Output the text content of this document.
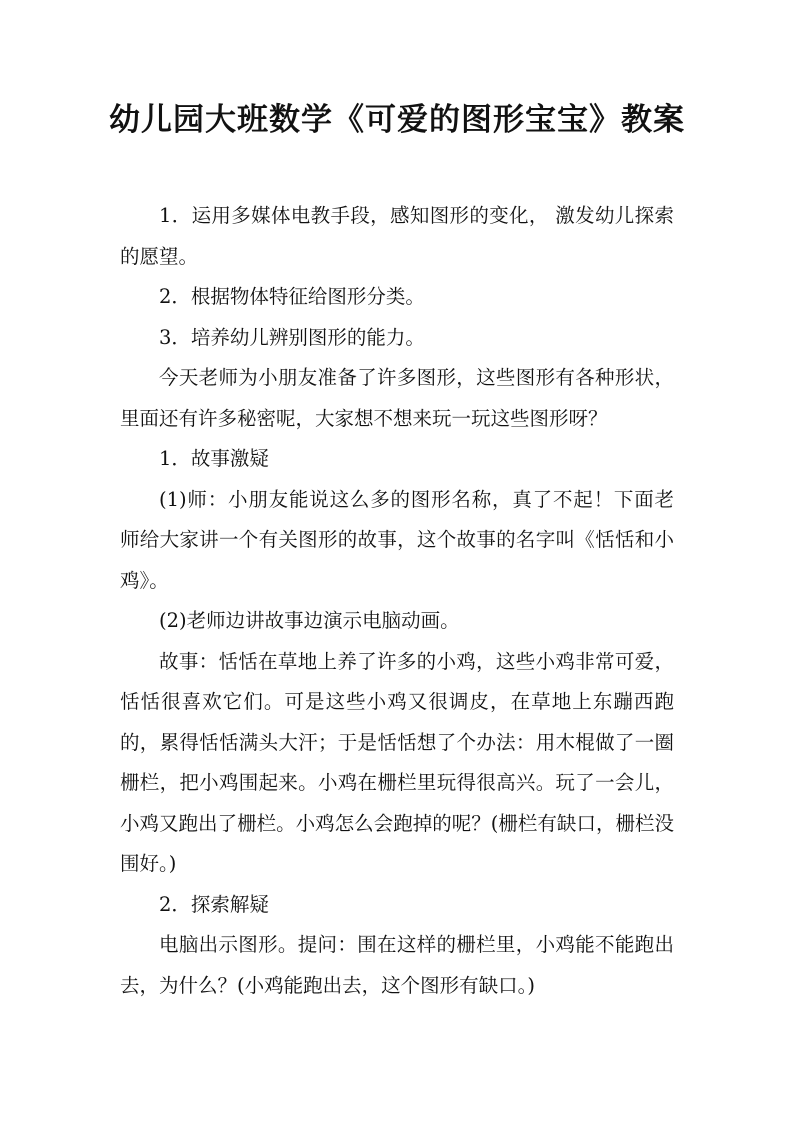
幼儿园大班数学《可爱的图形宝宝》教案

1．运用多媒体电教手段，感知图形的变化， 激发幼儿探索的愿望。

2．根据物体特征给图形分类。

3．培养幼儿辨别图形的能力。

今天老师为小朋友准备了许多图形，这些图形有各种形状，里面还有许多秘密呢，大家想不想来玩一玩这些图形呀？

1．故事激疑

(1)师：小朋友能说这么多的图形名称，真了不起！下面老师给大家讲一个有关图形的故事，这个故事的名字叫《恬恬和小鸡》。

(2)老师边讲故事边演示电脑动画。

故事：恬恬在草地上养了许多的小鸡，这些小鸡非常可爱，恬恬很喜欢它们。可是这些小鸡又很调皮，在草地上东蹦西跑的，累得恬恬满头大汗；于是恬恬想了个办法：用木棍做了一圈栅栏，把小鸡围起来。小鸡在栅栏里玩得很高兴。玩了一会儿，小鸡又跑出了栅栏。小鸡怎么会跑掉的呢？(栅栏有缺口，栅栏没围好。)

2．探索解疑

电脑出示图形。提问：围在这样的栅栏里，小鸡能不能跑出去，为什么？(小鸡能跑出去，这个图形有缺口。)
